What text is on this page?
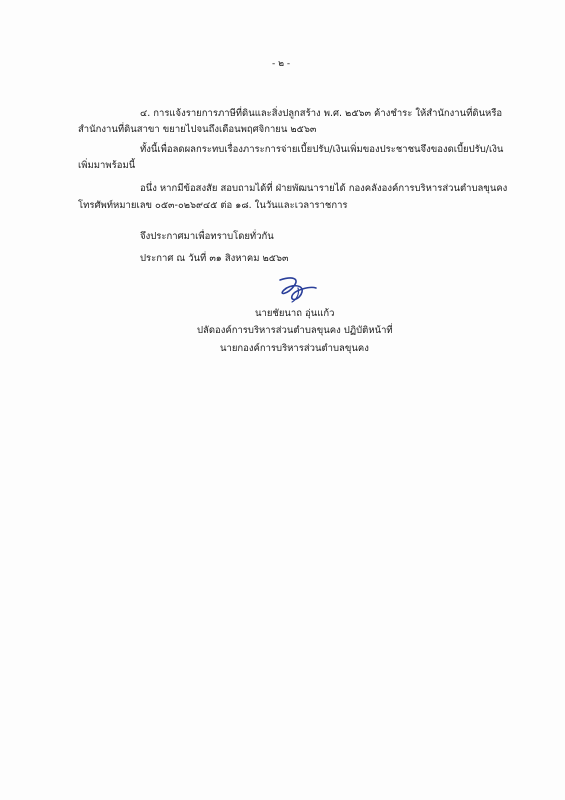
- ๒ -
๔. การแจ้งรายการภาษีที่ดินและสิ่งปลูกสร้าง พ.ศ. ๒๕๖๓ ค้างชำระ ให้สำนักงานที่ดินหรือ
สำนักงานที่ดินสาขา ขยายไปจนถึงเดือนพฤศจิกายน ๒๕๖๓
ทั้งนี้เพื่อลดผลกระทบเรื่องภาระการจ่ายเบี้ยปรับ/เงินเพิ่มของประชาชนจึงของดเบี้ยปรับ/เงิน
เพิ่มมาพร้อมนี้
อนึ่ง หากมีข้อสงสัย สอบถามได้ที่ ฝ่ายพัฒนารายได้ กองคลังองค์การบริหารส่วนตำบลขุนคง
โทรศัพท์หมายเลข ๐๕๓-๐๒๖๙๔๕ ต่อ ๑๘. ในวันและเวลาราชการ
จึงประกาศมาเพื่อทราบโดยทั่วกัน
ประกาศ ณ วันที่ ๓๑ สิงหาคม ๒๕๖๓
นายชัยนาถ อุ่นแก้ว
ปลัดองค์การบริหารส่วนตำบลขุนคง ปฏิบัติหน้าที่
นายกองค์การบริหารส่วนตำบลขุนคง
